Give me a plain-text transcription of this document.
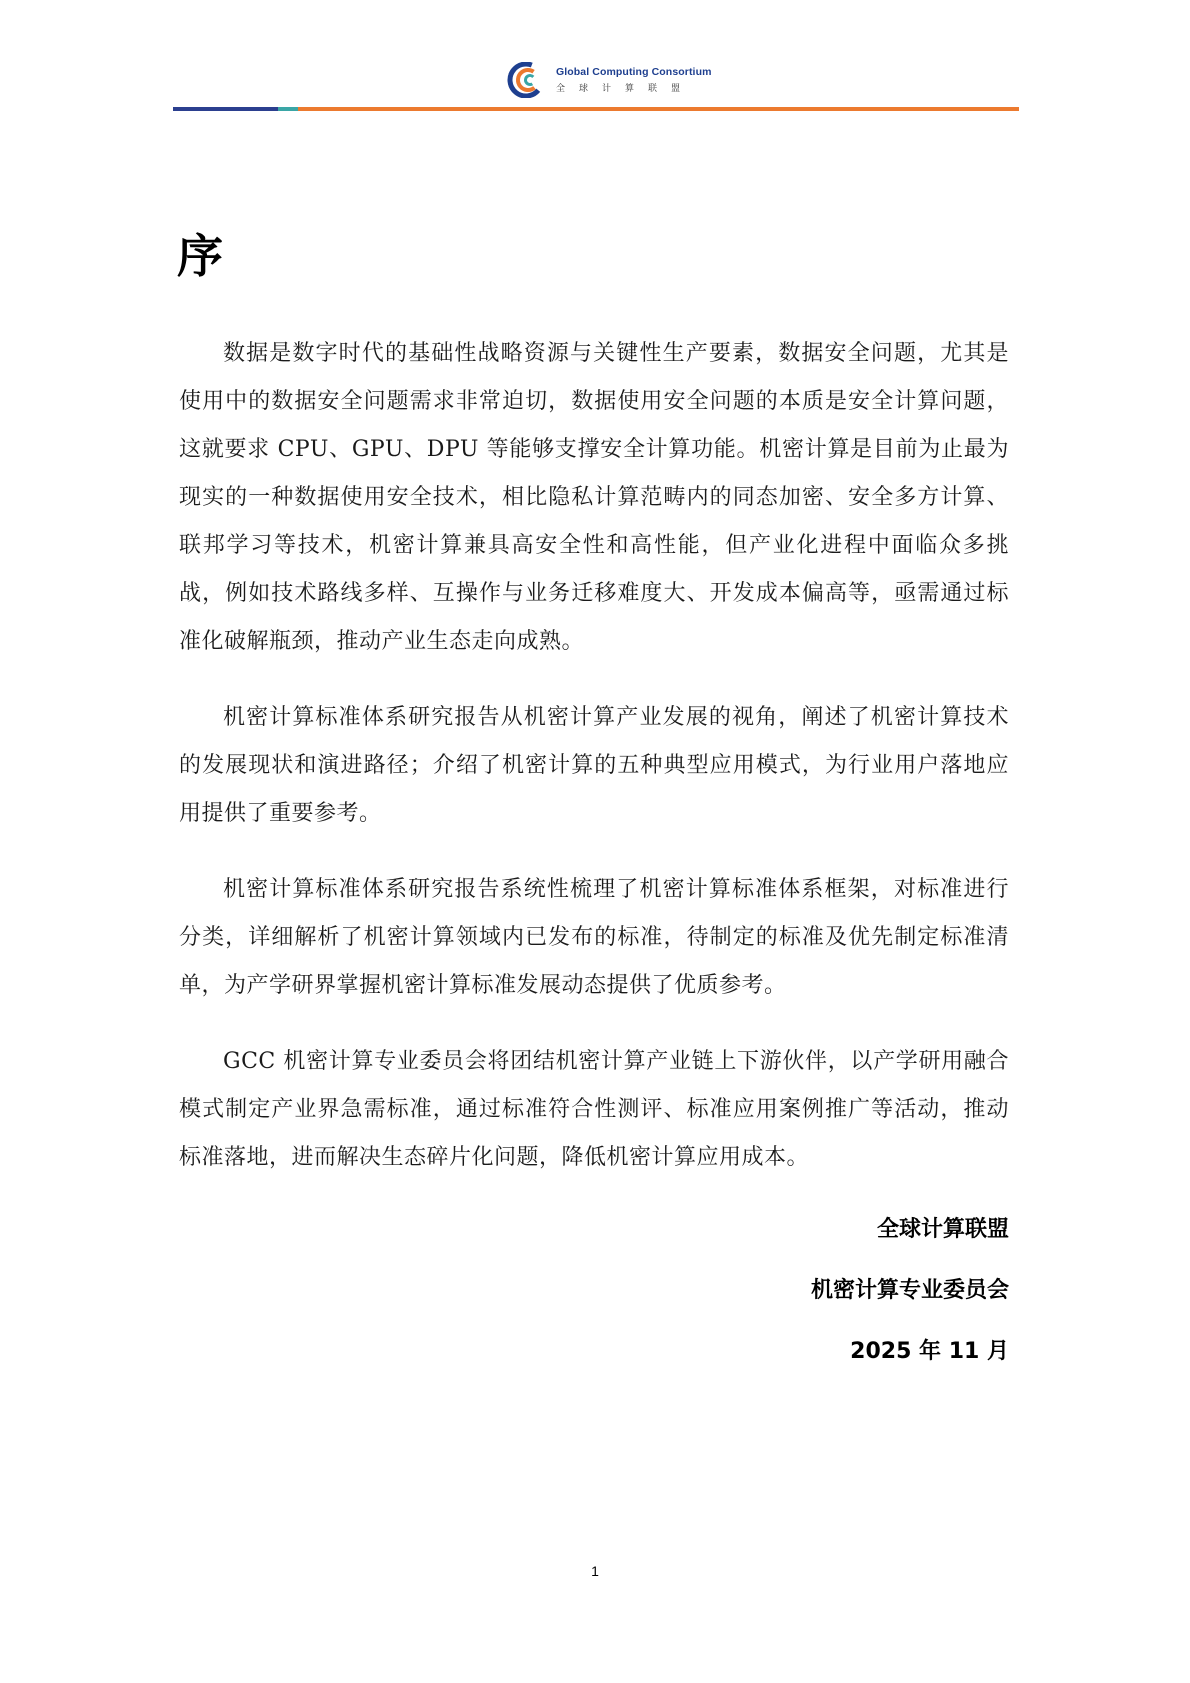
Global Computing Consortium
全球计算联盟
序

数据是数字时代的基础性战略资源与关键性生产要素，数据安全问题，尤其是使用中的数据安全问题需求非常迫切，数据使用安全问题的本质是安全计算问题，这就要求 CPU、GPU、DPU 等能够支撑安全计算功能。机密计算是目前为止最为现实的一种数据使用安全技术，相比隐私计算范畴内的同态加密、安全多方计算、联邦学习等技术，机密计算兼具高安全性和高性能，但产业化进程中面临众多挑战，例如技术路线多样、互操作与业务迁移难度大、开发成本偏高等，亟需通过标准化破解瓶颈，推动产业生态走向成熟。

机密计算标准体系研究报告从机密计算产业发展的视角，阐述了机密计算技术的发展现状和演进路径；介绍了机密计算的五种典型应用模式，为行业用户落地应用提供了重要参考。

机密计算标准体系研究报告系统性梳理了机密计算标准体系框架，对标准进行分类，详细解析了机密计算领域内已发布的标准，待制定的标准及优先制定标准清单，为产学研界掌握机密计算标准发展动态提供了优质参考。

GCC 机密计算专业委员会将团结机密计算产业链上下游伙伴，以产学研用融合模式制定产业界急需标准，通过标准符合性测评、标准应用案例推广等活动，推动标准落地，进而解决生态碎片化问题，降低机密计算应用成本。

全球计算联盟
机密计算专业委员会
2025 年 11 月
1
